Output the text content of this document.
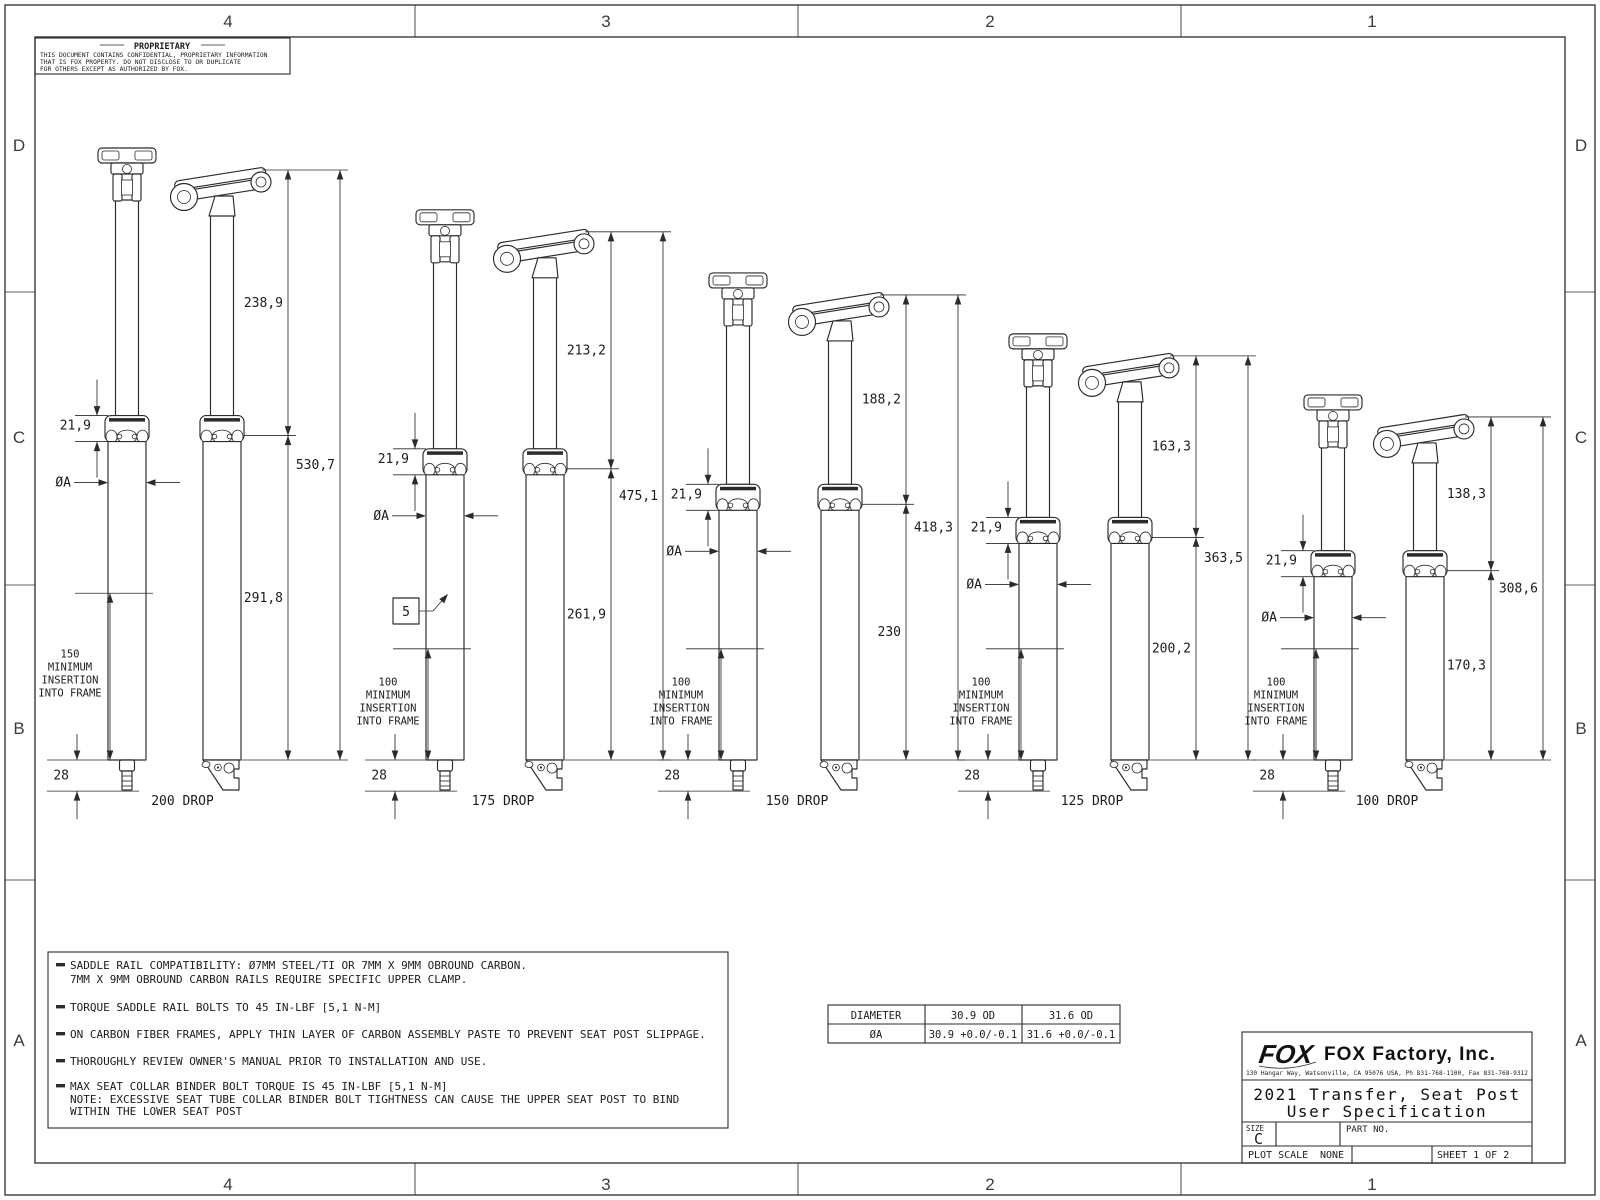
4	3	2	1
4	3	2	1
D
C
B
A
D
C
B
A
PROPRIETARY
THIS DOCUMENT CONTAINS CONFIDENTIAL, PROPRIETARY INFORMATION
THAT IS FOX PROPERTY. DO NOT DISCLOSE TO OR DUPLICATE
FOR OTHERS EXCEPT AS AUTHORIZED BY FOX.
238,9
291,8
530,7
21,9
ØA
150
MINIMUM
INSERTION
INTO FRAME
28
200 DROP
213,2
261,9
475,1
21,9
ØA
100
MINIMUM
INSERTION
INTO FRAME
28
175 DROP
5
188,2
230
418,3
21,9
ØA
100
MINIMUM
INSERTION
INTO FRAME
28
150 DROP
163,3
200,2
363,5
21,9
ØA
100
MINIMUM
INSERTION
INTO FRAME
28
125 DROP
138,3
170,3
308,6
21,9
ØA
100
MINIMUM
INSERTION
INTO FRAME
28
100 DROP
SADDLE RAIL COMPATIBILITY: Ø7MM STEEL/TI OR 7MM X 9MM OBROUND CARBON.
7MM X 9MM OBROUND CARBON RAILS REQUIRE SPECIFIC UPPER CLAMP.
TORQUE SADDLE RAIL BOLTS TO 45 IN-LBF [5,1 N-M]
ON CARBON FIBER FRAMES, APPLY THIN LAYER OF CARBON ASSEMBLY PASTE TO PREVENT SEAT POST SLIPPAGE.
THOROUGHLY REVIEW OWNER'S MANUAL PRIOR TO INSTALLATION AND USE.
MAX SEAT COLLAR BINDER BOLT TORQUE IS 45 IN-LBF [5,1 N-M]
NOTE: EXCESSIVE SEAT TUBE COLLAR BINDER BOLT TIGHTNESS CAN CAUSE THE UPPER SEAT POST TO BIND
WITHIN THE LOWER SEAT POST
DIAMETER	30.9 OD	31.6 OD
ØA	30.9 +0.0/-0.1 31.6 +0.0/-0.1
FOX FOX Factory, Inc.
130 Hangar Way, Watsonville, CA 95076 USA, Ph 831-768-1100, Fax 831-768-9312
2021 Transfer, Seat Post
User Specification
SIZE
C	PART NO.
PLOT SCALE NONE	SHEET 1 OF 2
